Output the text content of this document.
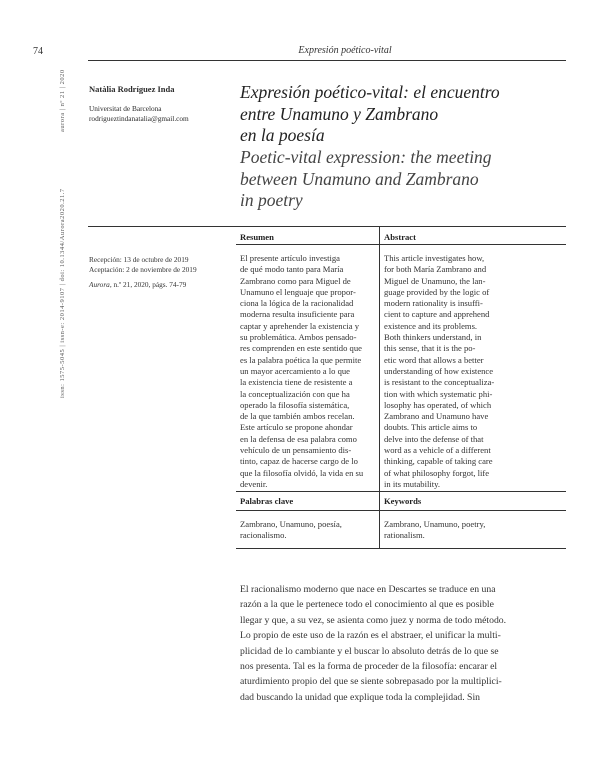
74	Expresión poético-vital
aurora | nº 21 | 2020
issn: 1575-5045 | issn-e: 2014-9107 | doi: 10.1344/Aurora2020.21.7
Natàlia Rodríguez Inda
Universitat de Barcelona
rodrigueztindanatalia@gmail.com
Expresión poético-vital: el encuentro
entre Unamuno y Zambrano
en la poesía
Poetic-vital expression: the meeting
between Unamuno and Zambrano
in poetry
Recepción: 13 de octubre de 2019
Aceptación: 2 de noviembre de 2019
Aurora, n.º 21, 2020, págs. 74-79
Resumen
El presente artículo investiga
de qué modo tanto para María
Zambrano como para Miguel de
Unamuno el lenguaje que propor-
ciona la lógica de la racionalidad
moderna resulta insuficiente para
captar y aprehender la existencia y
su problemática. Ambos pensado-
res comprenden en este sentido que
es la palabra poética la que permite
un mayor acercamiento a lo que
la existencia tiene de resistente a
la conceptualización con que ha
operado la filosofía sistemática,
de la que también ambos recelan.
Este artículo se propone ahondar
en la defensa de esa palabra como
vehículo de un pensamiento dis-
tinto, capaz de hacerse cargo de lo
que la filosofía olvidó, la vida en su
devenir.
Abstract
This article investigates how,
for both María Zambrano and
Miguel de Unamuno, the lan-
guage provided by the logic of
modern rationality is insuffi-
cient to capture and apprehend
existence and its problems.
Both thinkers understand, in
this sense, that it is the po-
etic word that allows a better
understanding of how existence
is resistant to the conceptualiza-
tion with which systematic phi-
losophy has operated, of which
Zambrano and Unamuno have
doubts. This article aims to
delve into the defense of that
word as a vehicle of a different
thinking, capable of taking care
of what philosophy forgot, life
in its mutability.
Palabras clave	Keywords
Zambrano, Unamuno, poesía,
racionalismo.
Zambrano, Unamuno, poetry,
rationalism.
El racionalismo moderno que nace en Descartes se traduce en una
razón a la que le pertenece todo el conocimiento al que es posible
llegar y que, a su vez, se asienta como juez y norma de todo método.
Lo propio de este uso de la razón es el abstraer, el unificar la multi-
plicidad de lo cambiante y el buscar lo absoluto detrás de lo que se
nos presenta. Tal es la forma de proceder de la filosofía: encarar el
aturdimiento propio del que se siente sobrepasado por la multiplici-
dad buscando la unidad que explique toda la complejidad. Sin
